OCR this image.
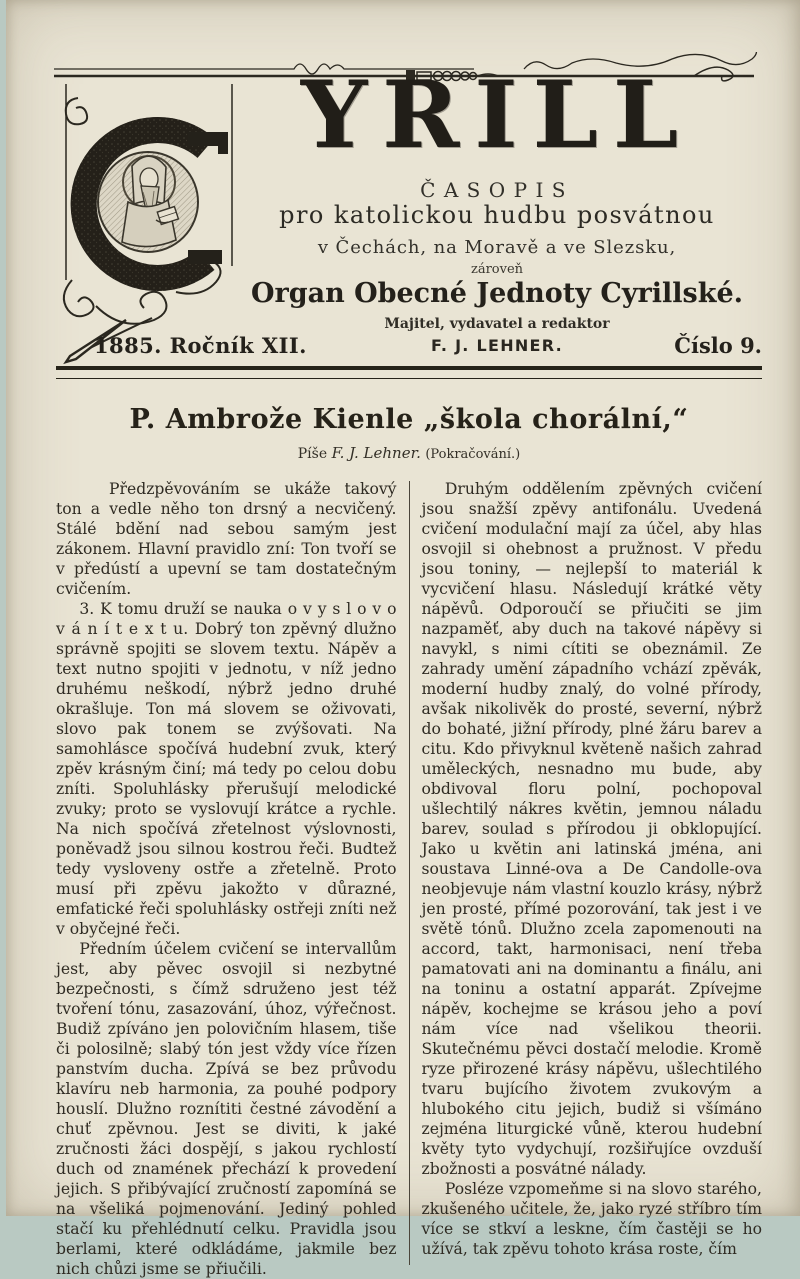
YRILL
ČASOPIS
pro katolickou hudbu posvátnou
v Čechách, na Moravě a ve Slezsku,
zároveň
Organ Obecné Jednoty Cyrillské.
Majitel, vydavatel a redaktor
F. J. LEHNER.
1885. Ročník XII.	Číslo 9.
P. Ambrože Kienle „škola chorální,“
Píše F. J. Lehner. (Pokračování.)

Předzpěvováním se ukáže takový ton a vedle něho ton drsný a necvičený. Stálé bdění nad sebou samým jest zákonem. Hlavní pravidlo zní: Ton tvoří se v předústí a upevní se tam dostatečným cvičením.

3. K tomu druží se nauka o v y s l o v o v á n í t e x t u. Dobrý ton zpěvný dlužno správně spojiti se slovem textu. Nápěv a text nutno spojiti v jednotu, v níž jedno druhému neškodí, nýbrž jedno druhé okrašluje. Ton má slovem se oživovati, slovo pak tonem se zvýšovati. Na samohlásce spočívá hudební zvuk, který zpěv krásným činí; má tedy po celou dobu zníti. Spoluhlásky přerušují melodické zvuky; proto se vyslovují krátce a rychle. Na nich spočívá zřetelnost výslovnosti, poněvadž jsou silnou kostrou řeči. Budtež tedy vysloveny ostře a zřetelně. Proto musí při zpěvu jakožto v důrazné, emfatické řeči spoluhlásky ostřeji zníti než v obyčejné řeči.

Předním účelem cvičení se intervallům jest, aby pěvec osvojil si nezbytné bezpečnosti, s čímž sdruženo jest též tvoření tónu, zasazování, úhoz, výřečnost. Budiž zpíváno jen polovičním hlasem, tiše či polosilně; slabý tón jest vždy více řízen panstvím ducha. Zpívá se bez průvodu klavíru neb harmonia, za pouhé podpory houslí. Dlužno roznítiti čestné závodění a chuť zpěvnou. Jest se diviti, k jaké zručnosti žáci dospějí, s jakou rychlostí duch od znamének přechází k provedení jejich. S přibývající zručností zapomíná se na všeliká pojmenování. Jediný pohled stačí ku přehlédnutí celku. Pravidla jsou berlami, které odkládáme, jakmile bez nich chůzi jsme se přiučili.

Druhým oddělením zpěvných cvičení jsou snažší zpěvy antifonálu. Uvedená cvičení modulační mají za účel, aby hlas osvojil si ohebnost a pružnost. V předu jsou toniny, — nejlepší to materiál k vycvičení hlasu. Následují krátké věty nápěvů. Odporoučí se přiučiti se jim nazpaměť, aby duch na takové nápěvy si navykl, s nimi cítiti se obeznámil. Ze zahrady umění západního vchází zpěvák, moderní hudby znalý, do volné přírody, avšak nikolivěk do prosté, severní, nýbrž do bohaté, jižní přírody, plné žáru barev a citu. Kdo přivyknul květeně našich zahrad uměleckých, nesnadno mu bude, aby obdivoval floru polní, pochopoval ušlechtilý nákres květin, jemnou náladu barev, soulad s přírodou ji obklopující. Jako u květin ani latinská jména, ani soustava Linné-ova a De Candolle-ova neobjevuje nám vlastní kouzlo krásy, nýbrž jen prosté, přímé pozorování, tak jest i ve světě tónů. Dlužno zcela zapomenouti na accord, takt, harmonisaci, není třeba pamatovati ani na dominantu a finálu, ani na toninu a ostatní apparát. Zpívejme nápěv, kochejme se krásou jeho a poví nám více nad všelikou theorii. Skutečnému pěvci dostačí melodie. Kromě ryze přirozené krásy nápěvu, ušlechtilého tvaru bujícího životem zvukovým a hlubokého citu jejich, budiž si všímáno zejména liturgické vůně, kterou hudební květy tyto vydychují, rozšiřujíce ovzduší zbožnosti a posvátné nálady.

Posléze vzpomeňme si na slovo starého, zkušeného učitele, že, jako ryzé stříbro tím více se stkví a leskne, čím častěji se ho užívá, tak zpěvu tohoto krása roste, čím
